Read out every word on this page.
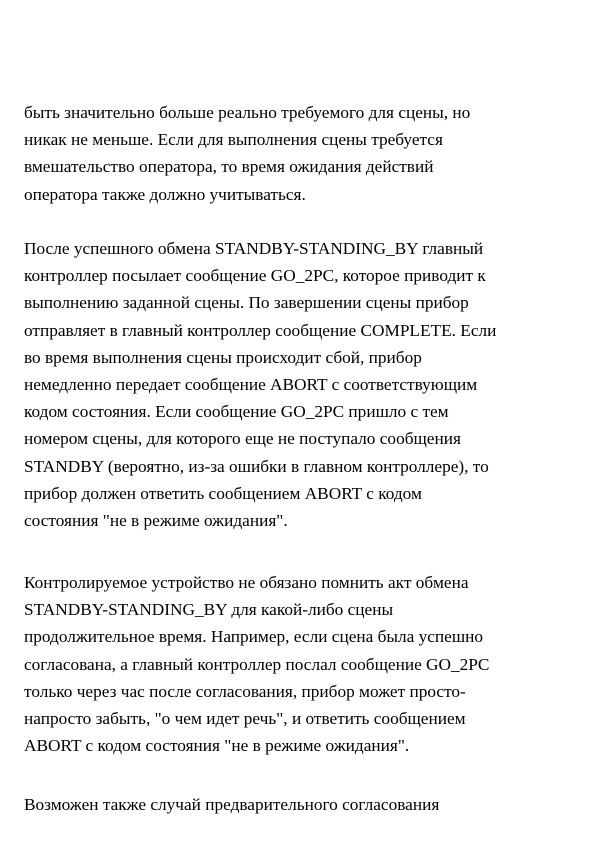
быть значительно больше реально требуемого для сцены, но
никак не меньше. Если для выполнения сцены требуется
вмешательство оператора, то время ожидания действий
оператора также должно учитываться.
После успешного обмена STANDBY-STANDING_BY главный
контроллер посылает сообщение GO_2PC, которое приводит к
выполнению заданной сцены. По завершении сцены прибор
отправляет в главный контроллер сообщение COMPLETE. Если
во время выполнения сцены происходит сбой, прибор
немедленно передает сообщение ABORT с соответствующим
кодом состояния. Если сообщение GO_2PC пришло с тем
номером сцены, для которого еще не поступало сообщения
STANDBY (вероятно, из-за ошибки в главном контроллере), то
прибор должен ответить сообщением ABORT с кодом
состояния "не в режиме ожидания".
Контролируемое устройство не обязано помнить акт обмена
STANDBY-STANDING_BY для какой-либо сцены
продолжительное время. Например, если сцена была успешно
согласована, а главный контроллер послал сообщение GO_2PC
только через час после согласования, прибор может просто-
напросто забыть, "о чем идет речь", и ответить сообщением
ABORT с кодом состояния "не в режиме ожидания".
Возможен также случай предварительного согласования
